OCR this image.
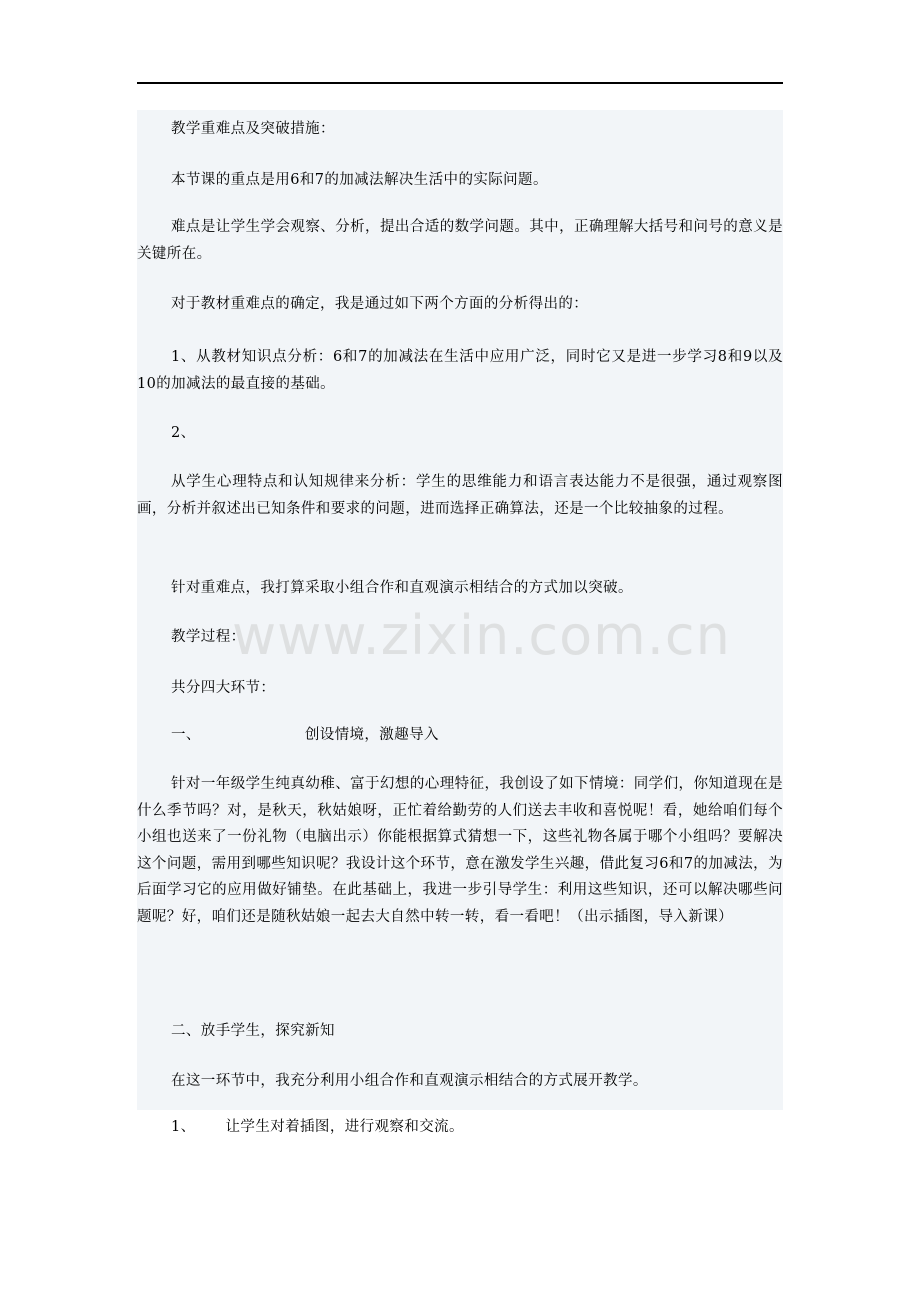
教学重难点及突破措施：

本节课的重点是用6和7的加减法解决生活中的实际问题。

难点是让学生学会观察、分析，提出合适的数学问题。其中，正确理解大括号和问号的意义是关键所在。

对于教材重难点的确定，我是通过如下两个方面的分析得出的：

1、从教材知识点分析：6和7的加减法在生活中应用广泛，同时它又是进一步学习8和9以及10的加减法的最直接的基础。

2、

从学生心理特点和认知规律来分析：学生的思维能力和语言表达能力不是很强，通过观察图画，分析并叙述出已知条件和要求的问题，进而选择正确算法，还是一个比较抽象的过程。

针对重难点，我打算采取小组合作和直观演示相结合的方式加以突破。

教学过程：

共分四大环节：

一、	创设情境，激趣导入

针对一年级学生纯真幼稚、富于幻想的心理特征，我创设了如下情境：同学们，你知道现在是什么季节吗？对，是秋天，秋姑娘呀，正忙着给勤劳的人们送去丰收和喜悦呢！看，她给咱们每个小组也送来了一份礼物（电脑出示）你能根据算式猜想一下，这些礼物各属于哪个小组吗？要解决这个问题，需用到哪些知识呢？我设计这个环节，意在激发学生兴趣，借此复习6和7的加减法，为后面学习它的应用做好铺垫。在此基础上，我进一步引导学生：利用这些知识，还可以解决哪些问题呢？好，咱们还是随秋姑娘一起去大自然中转一转，看一看吧！（出示插图，导入新课）

二、放手学生，探究新知

在这一环节中，我充分利用小组合作和直观演示相结合的方式展开教学。

1、 让学生对着插图，进行观察和交流。

www.zixin.com.cn
